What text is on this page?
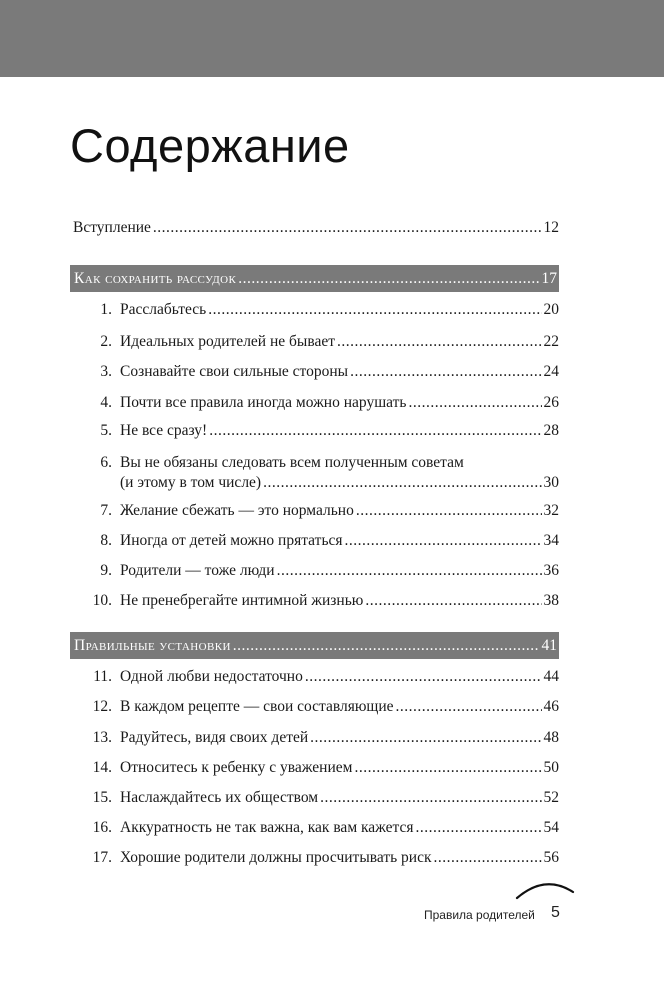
Содержание
Вступление .....	12
Как сохранить рассудок .....	17
1. Расслабьтесь .....	20
2. Идеальных родителей не бывает .....	22
3. Сознавайте свои сильные стороны .....	24
4. Почти все правила иногда можно нарушать .....	26
5. Не все сразу! .....	28
6. Вы не обязаны следовать всем полученным советам
(и этому в том числе) .....	30
7. Желание сбежать — это нормально .....	32
8. Иногда от детей можно прятаться .....	34
9. Родители — тоже люди .....	36
10. Не пренебрегайте интимной жизнью .....	38
Правильные установки .....	41
11. Одной любви недостаточно .....	44
12. В каждом рецепте — свои составляющие .....	46
13. Радуйтесь, видя своих детей .....	48
14. Относитесь к ребенку с уважением .....	50
15. Наслаждайтесь их обществом .....	52
16. Аккуратность не так важна, как вам кажется .....	54
17. Хорошие родители должны просчитывать риск .....	56
Правила родителей 5
